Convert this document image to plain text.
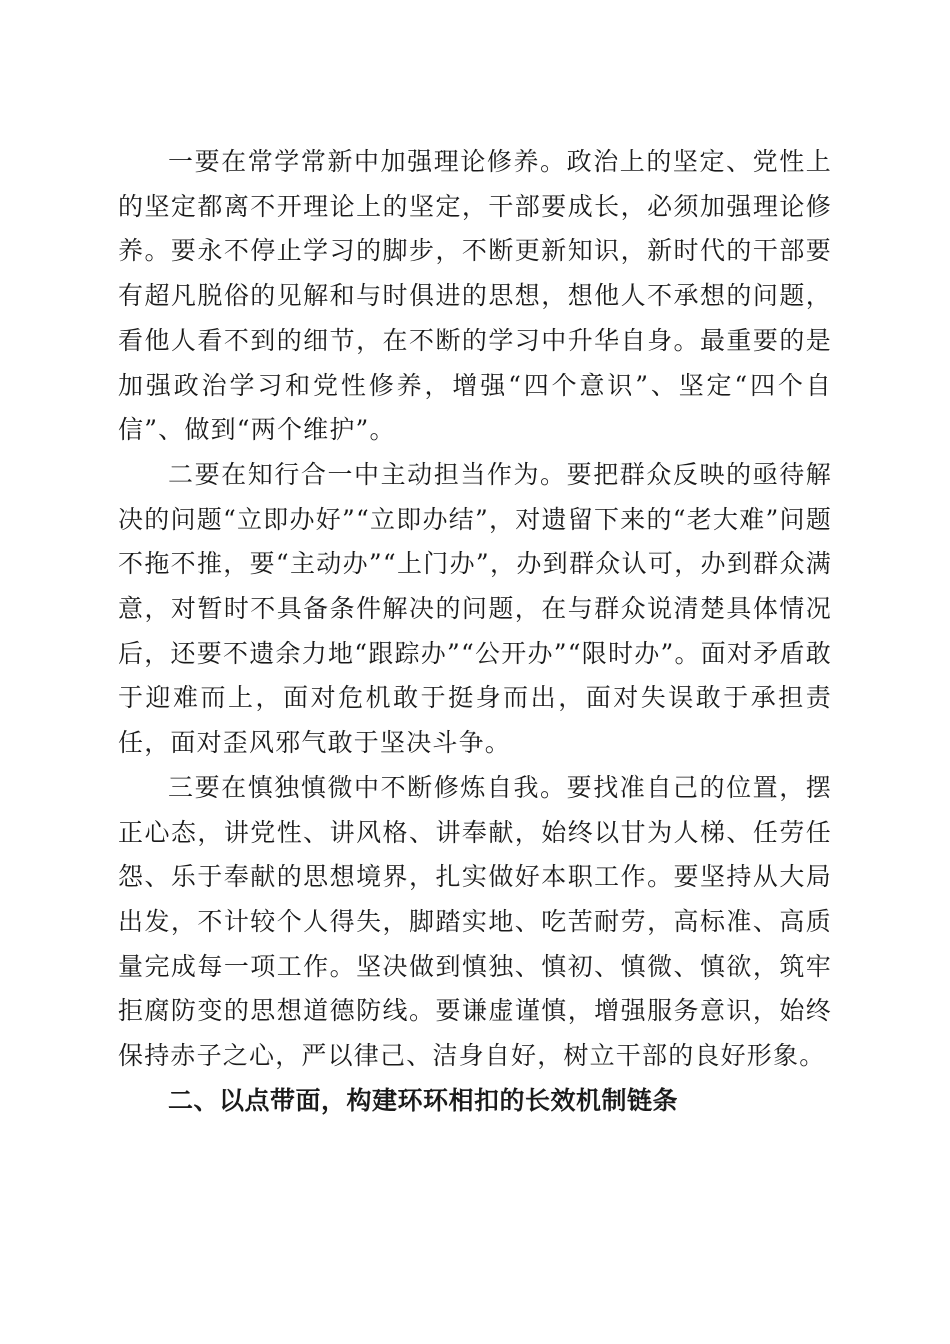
一要在常学常新中加强理论修养。政治上的坚定、党性上的坚定都离不开理论上的坚定，干部要成长，必须加强理论修养。要永不停止学习的脚步，不断更新知识，新时代的干部要有超凡脱俗的见解和与时俱进的思想，想他人不承想的问题，看他人看不到的细节，在不断的学习中升华自身。最重要的是加强政治学习和党性修养，增强“四个意识”、坚定“四个自信”、做到“两个维护”。

二要在知行合一中主动担当作为。要把群众反映的亟待解决的问题“立即办好”“立即办结”，对遗留下来的“老大难”问题不拖不推，要“主动办”“上门办”，办到群众认可，办到群众满意，对暂时不具备条件解决的问题，在与群众说清楚具体情况后，还要不遗余力地“跟踪办”“公开办”“限时办”。面对矛盾敢于迎难而上，面对危机敢于挺身而出，面对失误敢于承担责任，面对歪风邪气敢于坚决斗争。

三要在慎独慎微中不断修炼自我。要找准自己的位置，摆正心态，讲党性、讲风格、讲奉献，始终以甘为人梯、任劳任怨、乐于奉献的思想境界，扎实做好本职工作。要坚持从大局出发，不计较个人得失，脚踏实地、吃苦耐劳，高标准、高质量完成每一项工作。坚决做到慎独、慎初、慎微、慎欲，筑牢拒腐防变的思想道德防线。要谦虚谨慎，增强服务意识，始终保持赤子之心，严以律己、洁身自好，树立干部的良好形象。

二、以点带面，构建环环相扣的长效机制链条
